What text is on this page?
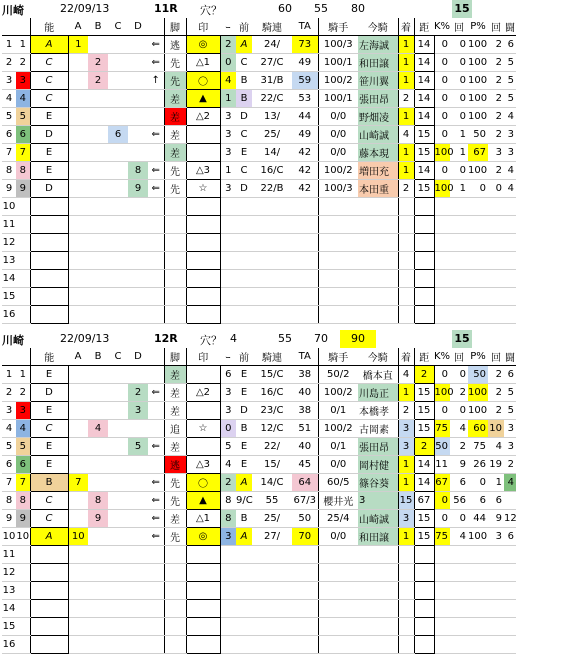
川崎	22/09/13	11R 穴？	60 55	80	15
		能	A	B	C	D		脚	印	ｰ	前	騎連	TA	騎手	今騎	着	距	K%	回	P%	回	闘
1	1	A	1				⇐	逃	◎	2	A	24/	73	100/3	左海誠	1	14	0	0	100	2	6
2	2	C		2			⇐	先	△1	0	C	27/C	49	100/1	和田譲	1	14	0	0	100	2	5
3	3	C		2			↑	先	〇	4	B	31/B	59	100/2	笹川翼	1	14	0	0	100	2	5
4	4	C						差	▲	1	B	22/C	53	100/1	張田昂	2	14	0	0	100	2	5
5	5	E						差	△2	3	D	13/	44	0/0	野畑凌	1	14	0	0	100	2	4
6	6	D			6		⇐	差		3	C	25/	49	0/0	山崎誠	4	15	0	1	50	2	3
7	7	E						差		3	E	14/	42	0/0	藤本現	1	15	100	1	67	3	3
8	8	E				8	⇐	先	△3	1	C	16/C	42	100/2	増田充	1	14	0	0	100	2	4
9	9	D				9	⇐	先	☆	3	D	22/B	42	100/3	本田重	2	15	100	1	0	0	4
10																						
11																						
12																						
13																						
14																						
15																						
16																						
川崎	22/09/13	12R 穴？ 4	55 70	90	15
		能	A	B	C	D		脚	印	ｰ	前	騎連	TA	騎手	今騎	着	距	K%	回	P%	回	闘
1	1	E						差		6	E	15/C	38	50/2	橋本直	4	2	0	0	50	2	6
2	2	D				2	⇐	差	△2	3	E	16/C	40	100/2	川島正	1	15	100	2	100	2	5
3	3	E				3		差		3	D	23/C	38	0/1	本橋孝	2	15	0	0	100	2	5
4	4	C		4				追	☆	0	B	12/C	51	100/2	古岡素	3	15	75	4	60	10	3
5	5	E				5	⇐	差		5	E	22/	40	0/1	張田昂	3	2	50	2	75	4	3
6	6	E						逃	△3	4	E	15/	45	0/0	岡村健	1	14	11	9	26	19	2
7	7	B	7				⇐	先	〇	2	A	14/C	64	60/5	篠谷葵	1	14	67	6	0	1	4
8	8	C		8			⇐	先	▲	8	9/C	55	67/3	櫻井光	3	15	67	0	56	6	6	
9	9	C		9			⇐	差	△1	8	B	25/	50	25/4	山崎誠	3	15	0	0	44	9	12
10	10	A	10				⇐	先	◎	3	A	27/	70	0/0	和田譲	1	15	75	4	100	3	6
11																						
12																						
13																						
14																						
15																						
16																						
